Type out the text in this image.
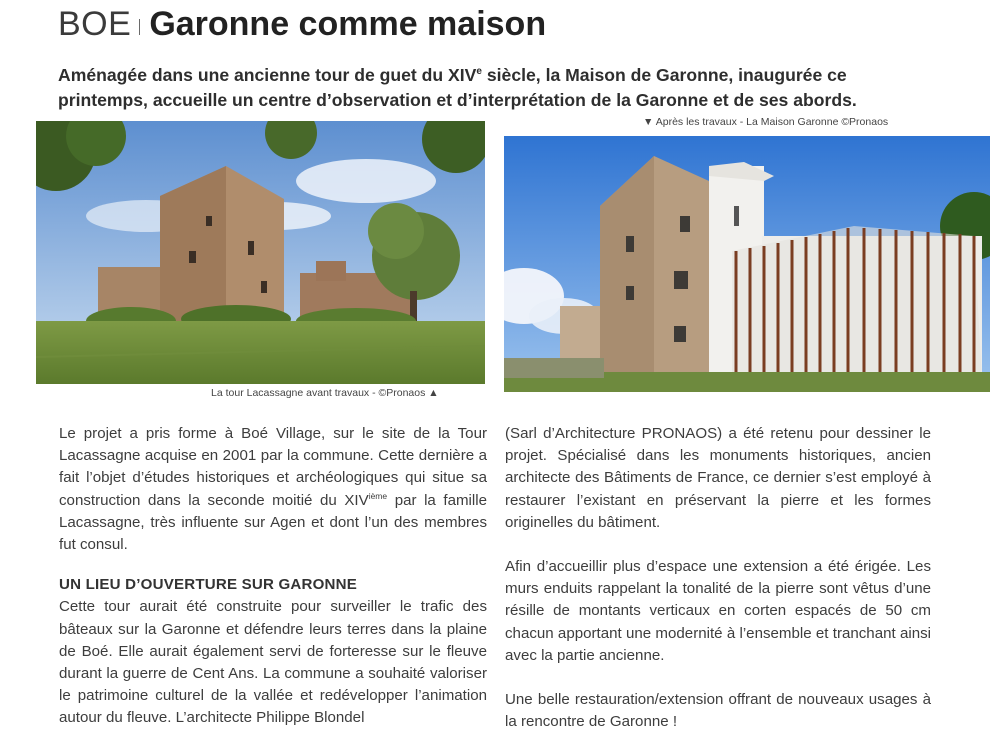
BOE Garonne comme maison
Aménagée dans une ancienne tour de guet du XIVe siècle, la Maison de Garonne, inaugurée ce printemps, accueille un centre d’observation et d’interprétation de la Garonne et de ses abords.
La tour Lacassagne avant travaux - ©Pronaos ▲
▼ Après les travaux - La Maison Garonne ©Pronaos

Le projet a pris forme à Boé Village, sur le site de la Tour Lacassagne acquise en 2001 par la commune. Cette dernière a fait l’objet d’études historiques et archéologiques qui situe sa construction dans la seconde moitié du XIVième par la famille Lacassagne, très influente sur Agen et dont l’un des membres fut consul.

UN LIEU D’OUVERTURE SUR GARONNE

Cette tour aurait été construite pour surveiller le trafic des bâteaux sur la Garonne et défendre leurs terres dans la plaine de Boé. Elle aurait également servi de forteresse sur le fleuve durant la guerre de Cent Ans. La commune a souhaité valoriser le patrimoine culturel de la vallée et redévelopper l’animation autour du fleuve. L’architecte Philippe Blondel

(Sarl d’Architecture PRONAOS) a été retenu pour dessiner le projet. Spécialisé dans les monuments historiques, ancien architecte des Bâtiments de France, ce dernier s’est employé à restaurer l’existant en préservant la pierre et les formes originelles du bâtiment.

Afin d’accueillir plus d’espace une extension a été érigée. Les murs enduits rappelant la tonalité de la pierre sont vêtus d’une résille de montants verticaux en corten espacés de 50 cm chacun apportant une modernité à l’ensemble et tranchant ainsi avec la partie ancienne.

Une belle restauration/extension offrant de nouveaux usages à la rencontre de Garonne !
